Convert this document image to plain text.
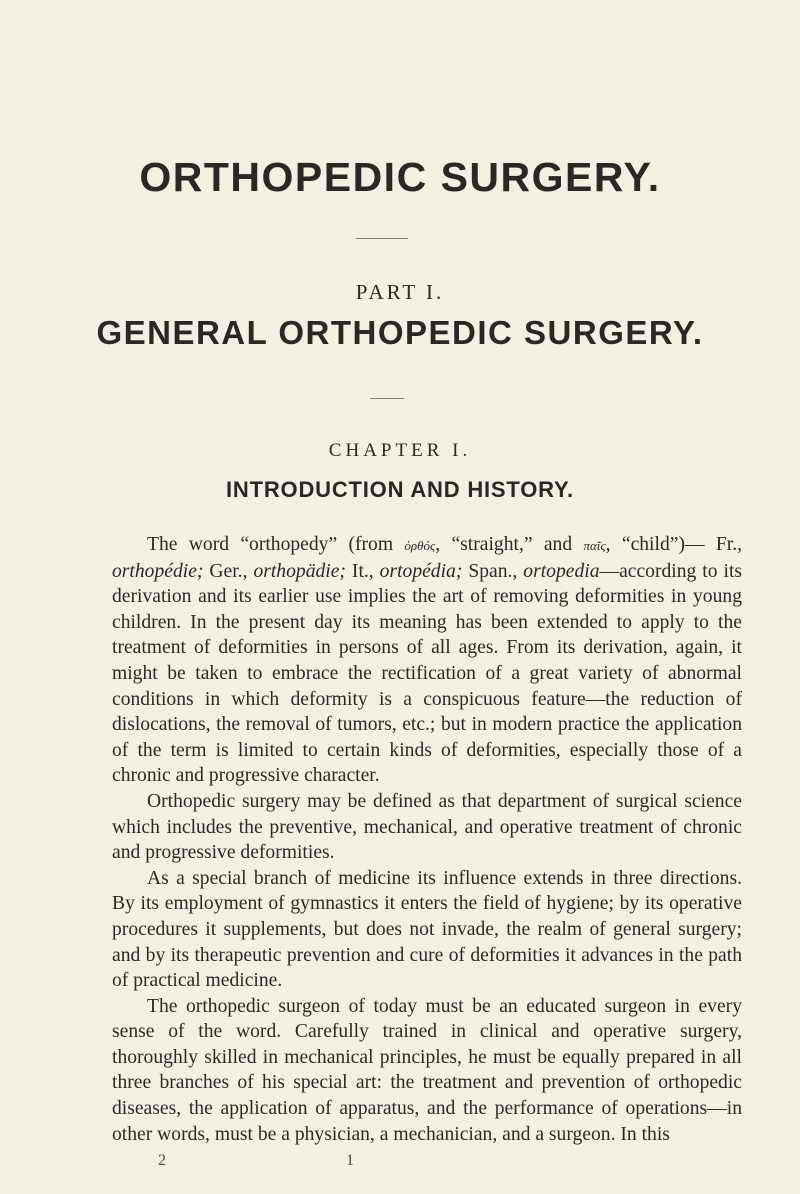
ORTHOPEDIC SURGERY.
PART I.
GENERAL ORTHOPEDIC SURGERY.
CHAPTER I.
INTRODUCTION AND HISTORY.

The word “orthopedy” (from ὀρθός, “straight,” and παῖς, “child”)— Fr., orthopédie; Ger., orthopädie; It., ortopédia; Span., ortopedia—according to its derivation and its earlier use implies the art of removing deformities in young children. In the present day its meaning has been extended to apply to the treatment of deformities in persons of all ages. From its derivation, again, it might be taken to embrace the rectification of a great variety of abnormal conditions in which deformity is a conspicuous feature—the reduction of dislocations, the removal of tumors, etc.; but in modern practice the application of the term is limited to certain kinds of deformities, especially those of a chronic and progressive character.

Orthopedic surgery may be defined as that department of surgical science which includes the preventive, mechanical, and operative treatment of chronic and progressive deformities.

As a special branch of medicine its influence extends in three directions. By its employment of gymnastics it enters the field of hygiene; by its operative procedures it supplements, but does not invade, the realm of general surgery; and by its therapeutic prevention and cure of deformities it advances in the path of practical medicine.

The orthopedic surgeon of today must be an educated surgeon in every sense of the word. Carefully trained in clinical and operative surgery, thoroughly skilled in mechanical principles, he must be equally prepared in all three branches of his special art: the treatment and prevention of orthopedic diseases, the application of apparatus, and the performance of operations—in other words, must be a physician, a mechanician, and a surgeon. In this

2	1
